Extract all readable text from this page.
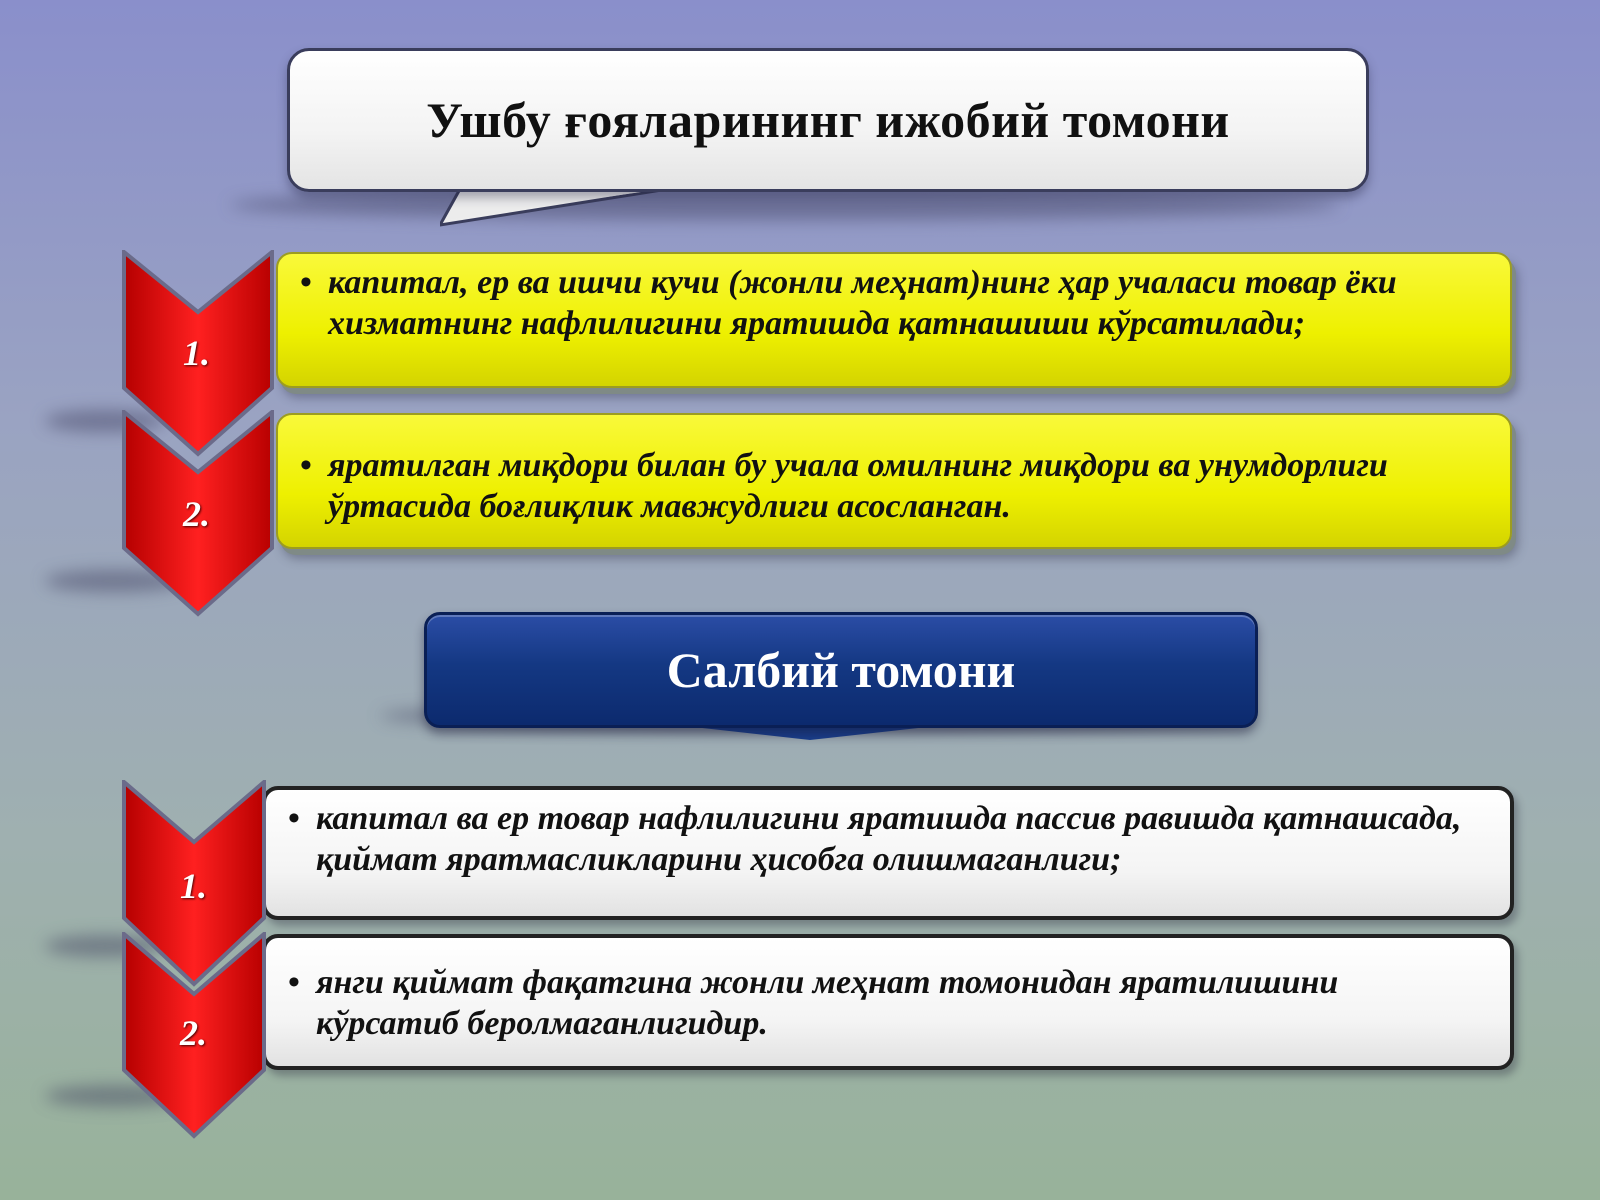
Ушбу ғояларининг ижобий томони
• капитал, ер ва ишчи кучи (жонли меҳнат)нинг ҳар учаласи товар ёки хизматнинг нафлилигини яратишда қатнашиши кўрсатилади;
• яратилган миқдори билан бу учала омилнинг миқдори ва унумдорлиги ўртасида боғлиқлик мавжудлиги асосланган.
1.
2.
Салбий томони
• капитал ва ер товар нафлилигини яратишда пассив равишда қатнашсада, қиймат яратмасликларини ҳисобга олишмаганлиги;
• янги қиймат фақатгина жонли меҳнат томонидан яратилишини кўрсатиб беролмаганлигидир.
1.
2.
